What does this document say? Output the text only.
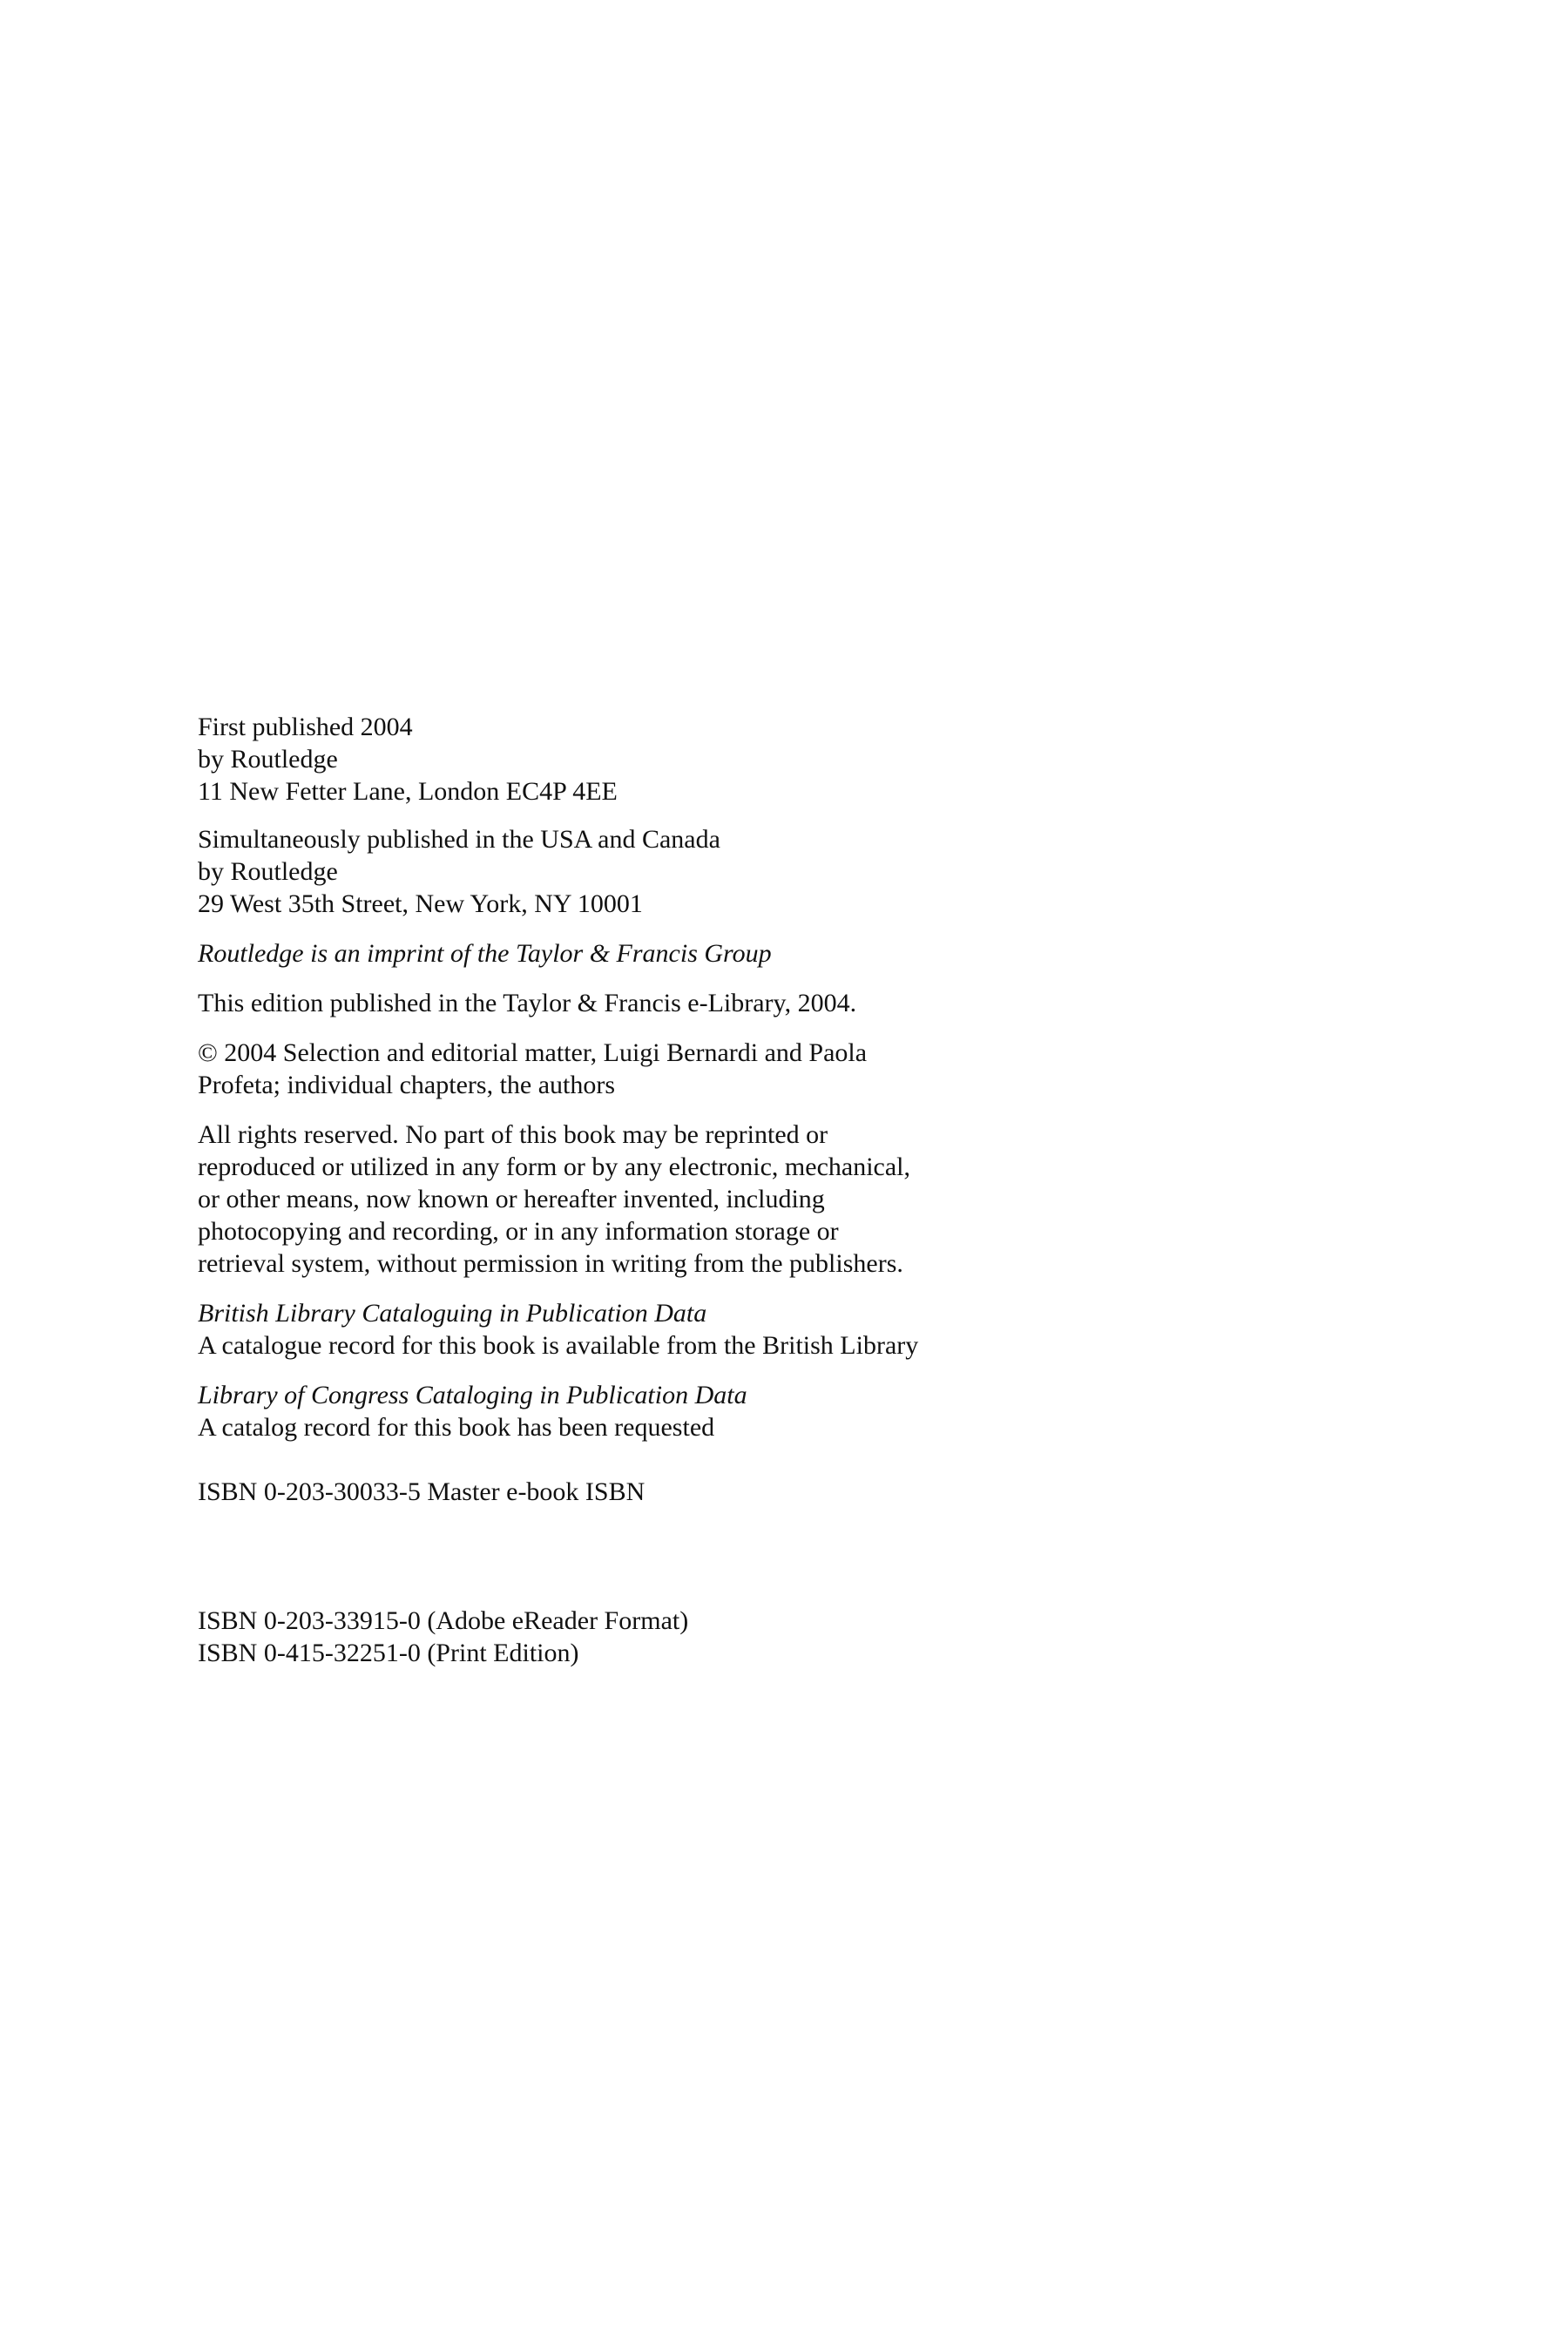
First published 2004
by Routledge
11 New Fetter Lane, London EC4P 4EE

Simultaneously published in the USA and Canada
by Routledge
29 West 35th Street, New York, NY 10001

Routledge is an imprint of the Taylor & Francis Group

This edition published in the Taylor & Francis e-Library, 2004.

© 2004 Selection and editorial matter, Luigi Bernardi and Paola
Profeta; individual chapters, the authors

All rights reserved. No part of this book may be reprinted or
reproduced or utilized in any form or by any electronic, mechanical,
or other means, now known or hereafter invented, including
photocopying and recording, or in any information storage or
retrieval system, without permission in writing from the publishers.

British Library Cataloguing in Publication Data
A catalogue record for this book is available from the British Library

Library of Congress Cataloging in Publication Data
A catalog record for this book has been requested

ISBN 0-203-30033-5 Master e-book ISBN

ISBN 0-203-33915-0 (Adobe eReader Format)
ISBN 0-415-32251-0 (Print Edition)
